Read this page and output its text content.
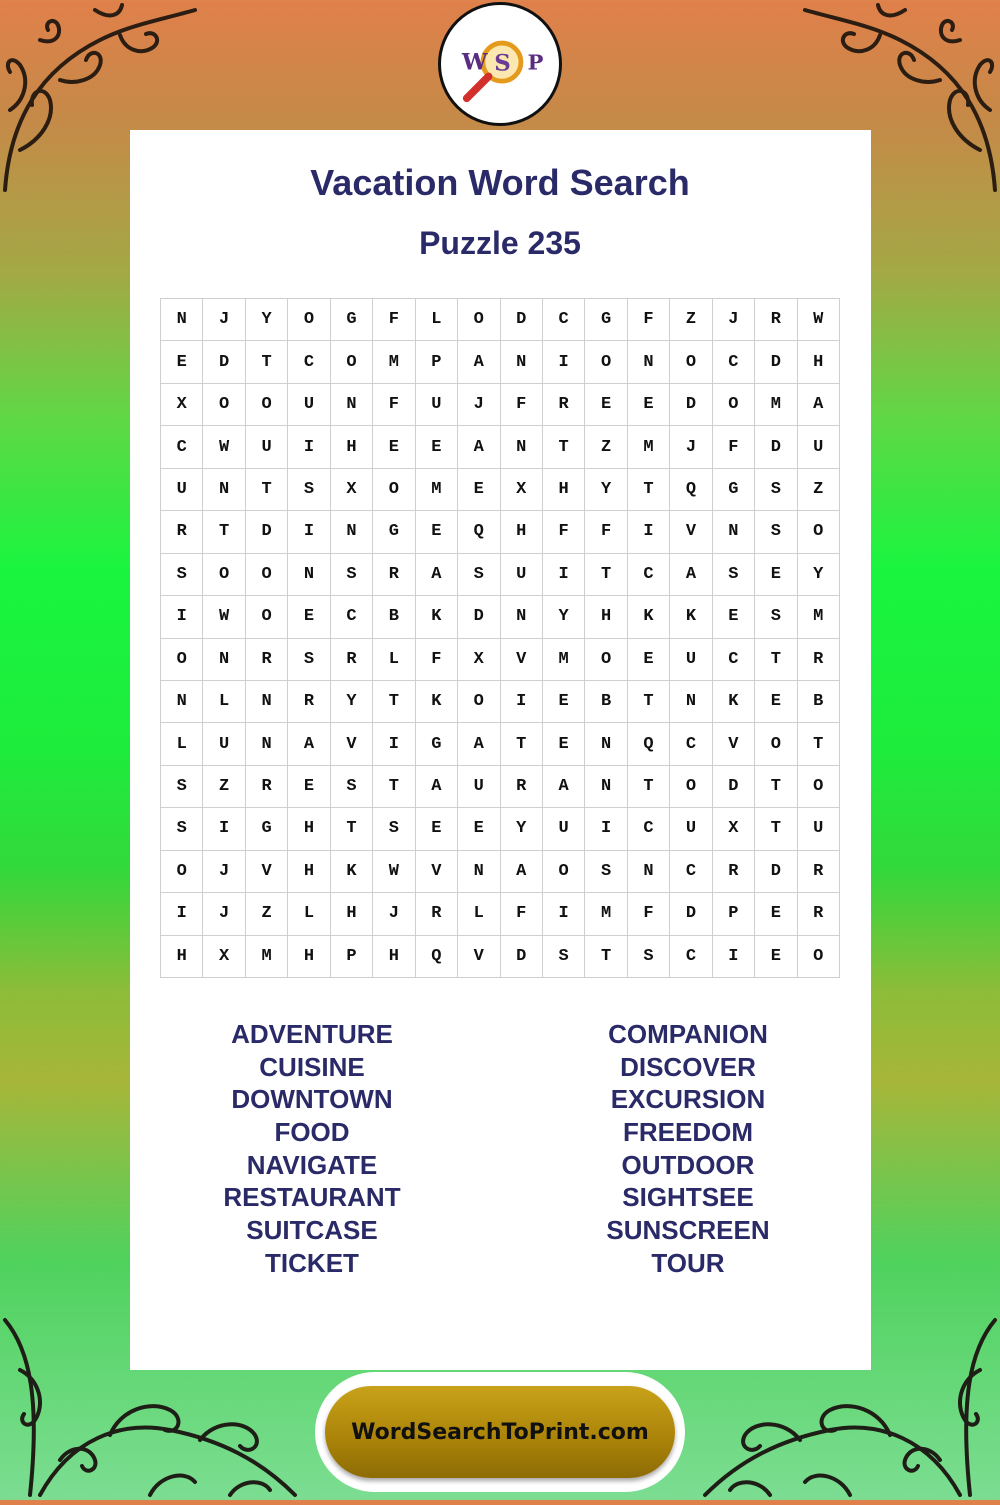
W S P
Vacation Word Search
Puzzle 235
N	J	Y	O	G	F	L	O	D	C	G	F	Z	J	R	W
E	D	T	C	O	M	P	A	N	I	O	N	O	C	D	H
X	O	O	U	N	F	U	J	F	R	E	E	D	O	M	A
C	W	U	I	H	E	E	A	N	T	Z	M	J	F	D	U
U	N	T	S	X	O	M	E	X	H	Y	T	Q	G	S	Z
R	T	D	I	N	G	E	Q	H	F	F	I	V	N	S	O
S	O	O	N	S	R	A	S	U	I	T	C	A	S	E	Y
I	W	O	E	C	B	K	D	N	Y	H	K	K	E	S	M
O	N	R	S	R	L	F	X	V	M	O	E	U	C	T	R
N	L	N	R	Y	T	K	O	I	E	B	T	N	K	E	B
L	U	N	A	V	I	G	A	T	E	N	Q	C	V	O	T
S	Z	R	E	S	T	A	U	R	A	N	T	O	D	T	O
S	I	G	H	T	S	E	E	Y	U	I	C	U	X	T	U
O	J	V	H	K	W	V	N	A	O	S	N	C	R	D	R
I	J	Z	L	H	J	R	L	F	I	M	F	D	P	E	R
H	X	M	H	P	H	Q	V	D	S	T	S	C	I	E	O
ADVENTURE
CUISINE
DOWNTOWN
FOOD
NAVIGATE
RESTAURANT
SUITCASE
TICKET
COMPANION
DISCOVER
EXCURSION
FREEDOM
OUTDOOR
SIGHTSEE
SUNSCREEN
TOUR
WordSearchToPrint.com
